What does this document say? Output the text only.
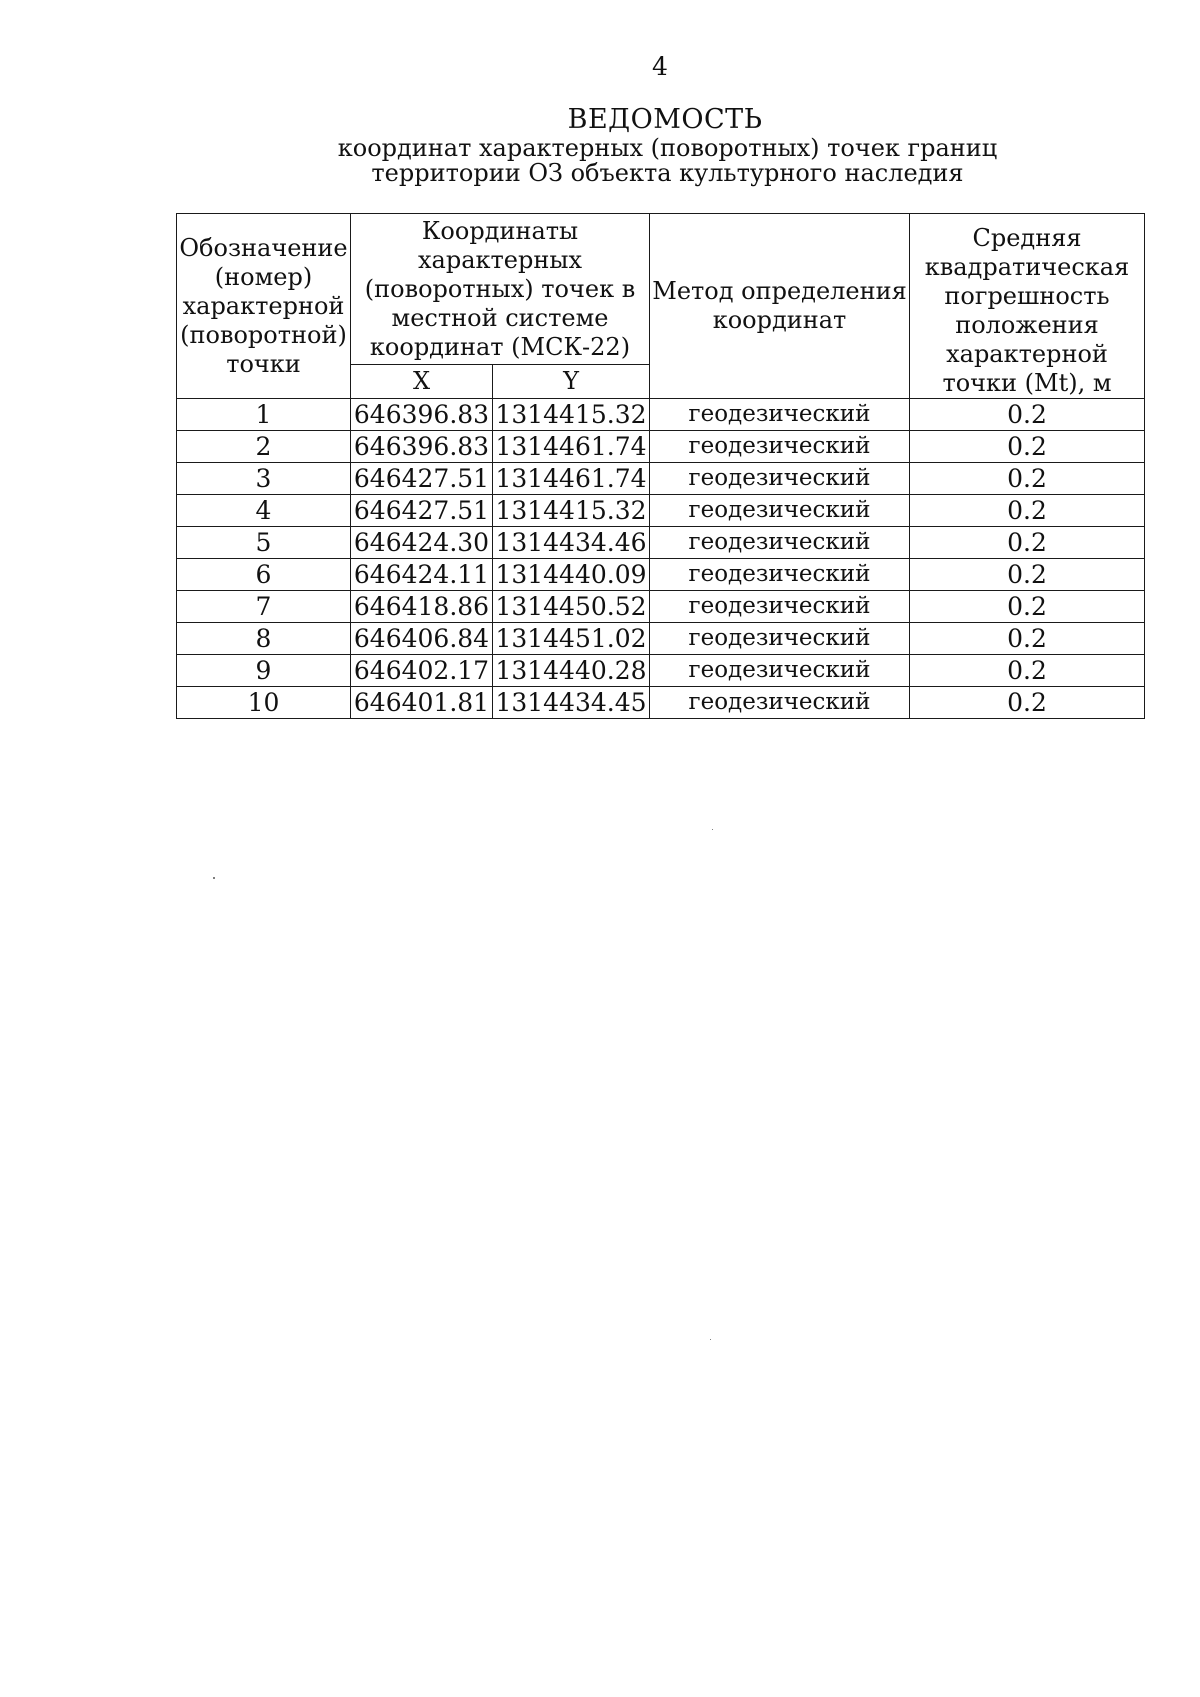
4
ВЕДОМОСТЬ
координат характерных (поворотных) точек границ
территории ОЗ объекта культурного наследия
Обозначение (номер) характерной (поворотной) точки	Координаты характерных (поворотных) точек в местной системе координат (МСК-22)		Метод определения координат	Средняя квадратическая погрешность положения характерной точки (Mt), м
	X	Y		
1	646396.83	1314415.32	геодезический	0.2
2	646396.83	1314461.74	геодезический	0.2
3	646427.51	1314461.74	геодезический	0.2
4	646427.51	1314415.32	геодезический	0.2
5	646424.30	1314434.46	геодезический	0.2
6	646424.11	1314440.09	геодезический	0.2
7	646418.86	1314450.52	геодезический	0.2
8	646406.84	1314451.02	геодезический	0.2
9	646402.17	1314440.28	геодезический	0.2
10	646401.81	1314434.45	геодезический	0.2
